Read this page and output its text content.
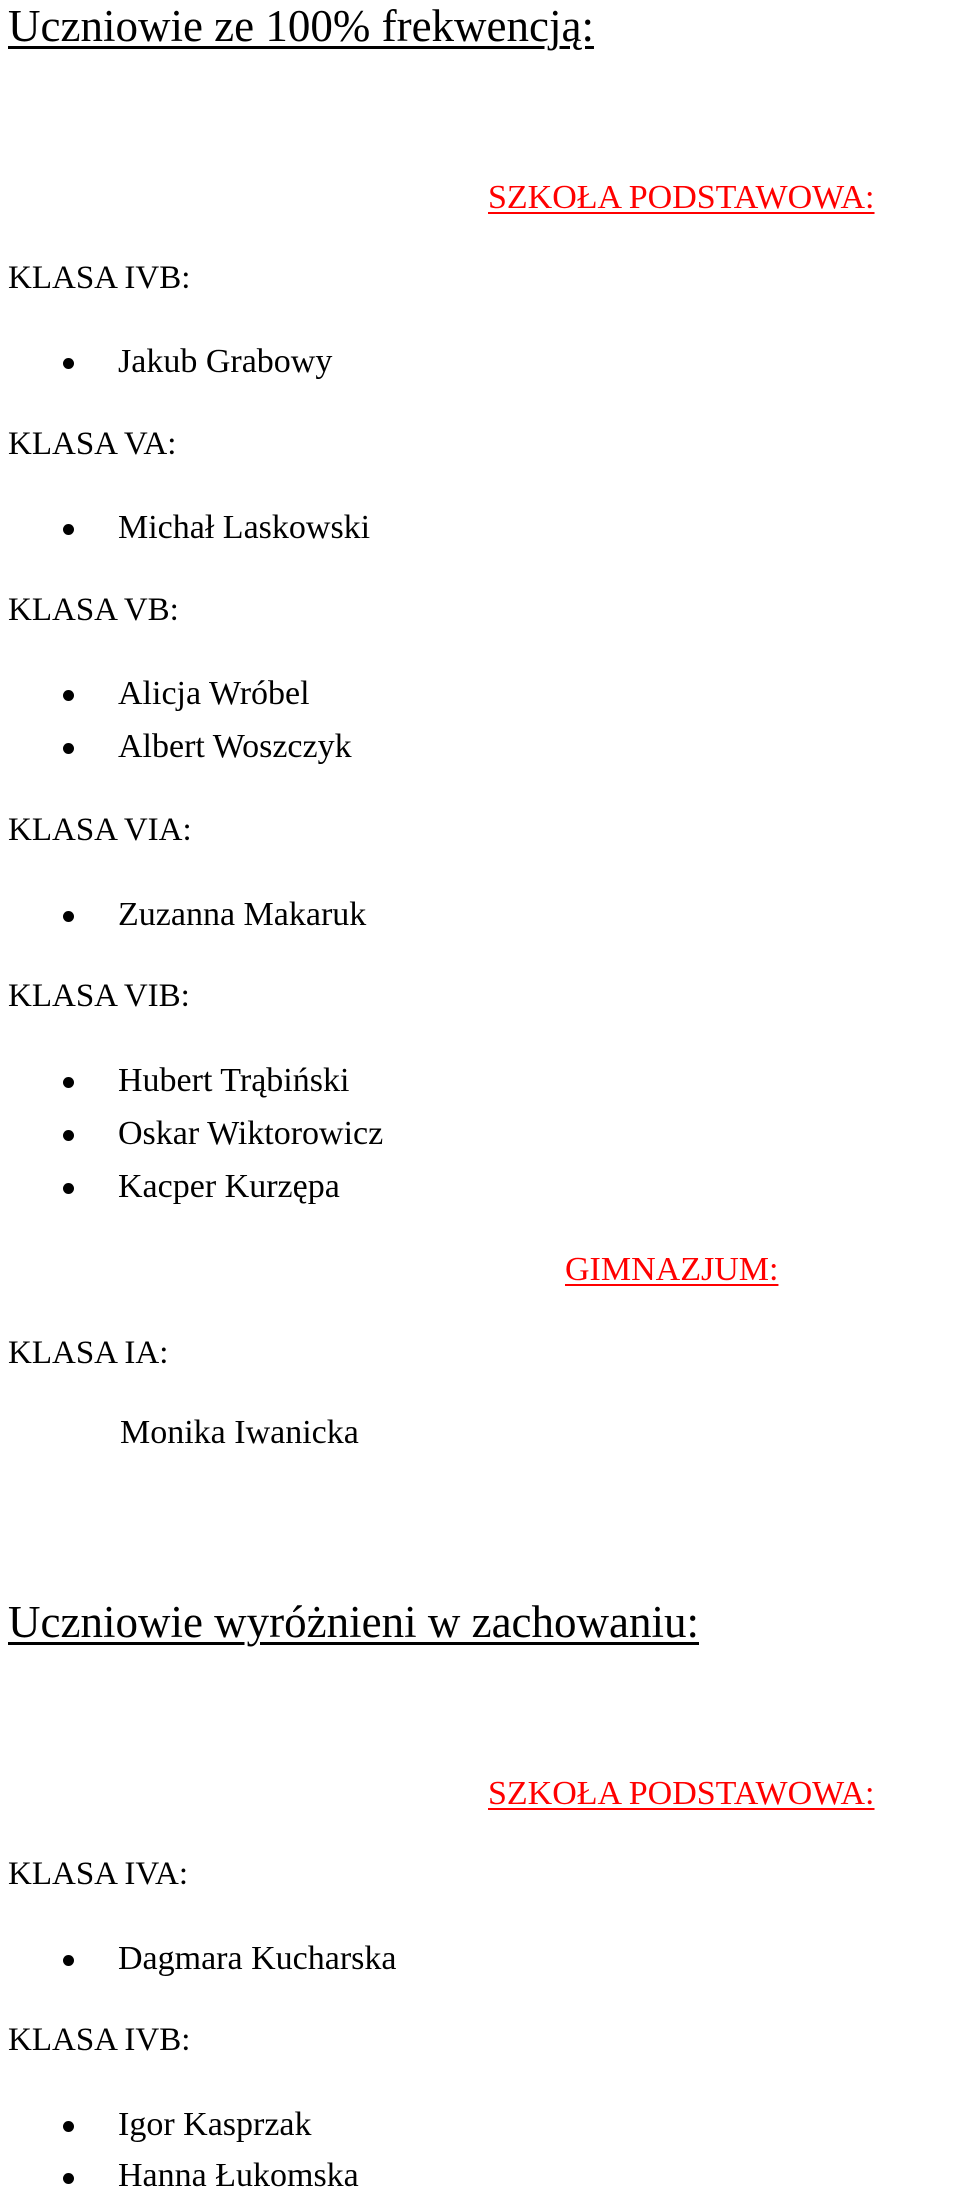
Uczniowie ze 100% frekwencją:
SZKOŁA PODSTAWOWA:
KLASA IVB:
Jakub Grabowy
KLASA VA:
Michał Laskowski
KLASA VB:
Alicja Wróbel
Albert Woszczyk
KLASA VIA:
Zuzanna Makaruk
KLASA VIB:
Hubert Trąbiński
Oskar Wiktorowicz
Kacper Kurzępa
GIMNAZJUM:
KLASA IA:
Monika Iwanicka
Uczniowie wyróżnieni w zachowaniu:
SZKOŁA PODSTAWOWA:
KLASA IVA:
Dagmara Kucharska
KLASA IVB:
Igor Kasprzak
Hanna Łukomska
